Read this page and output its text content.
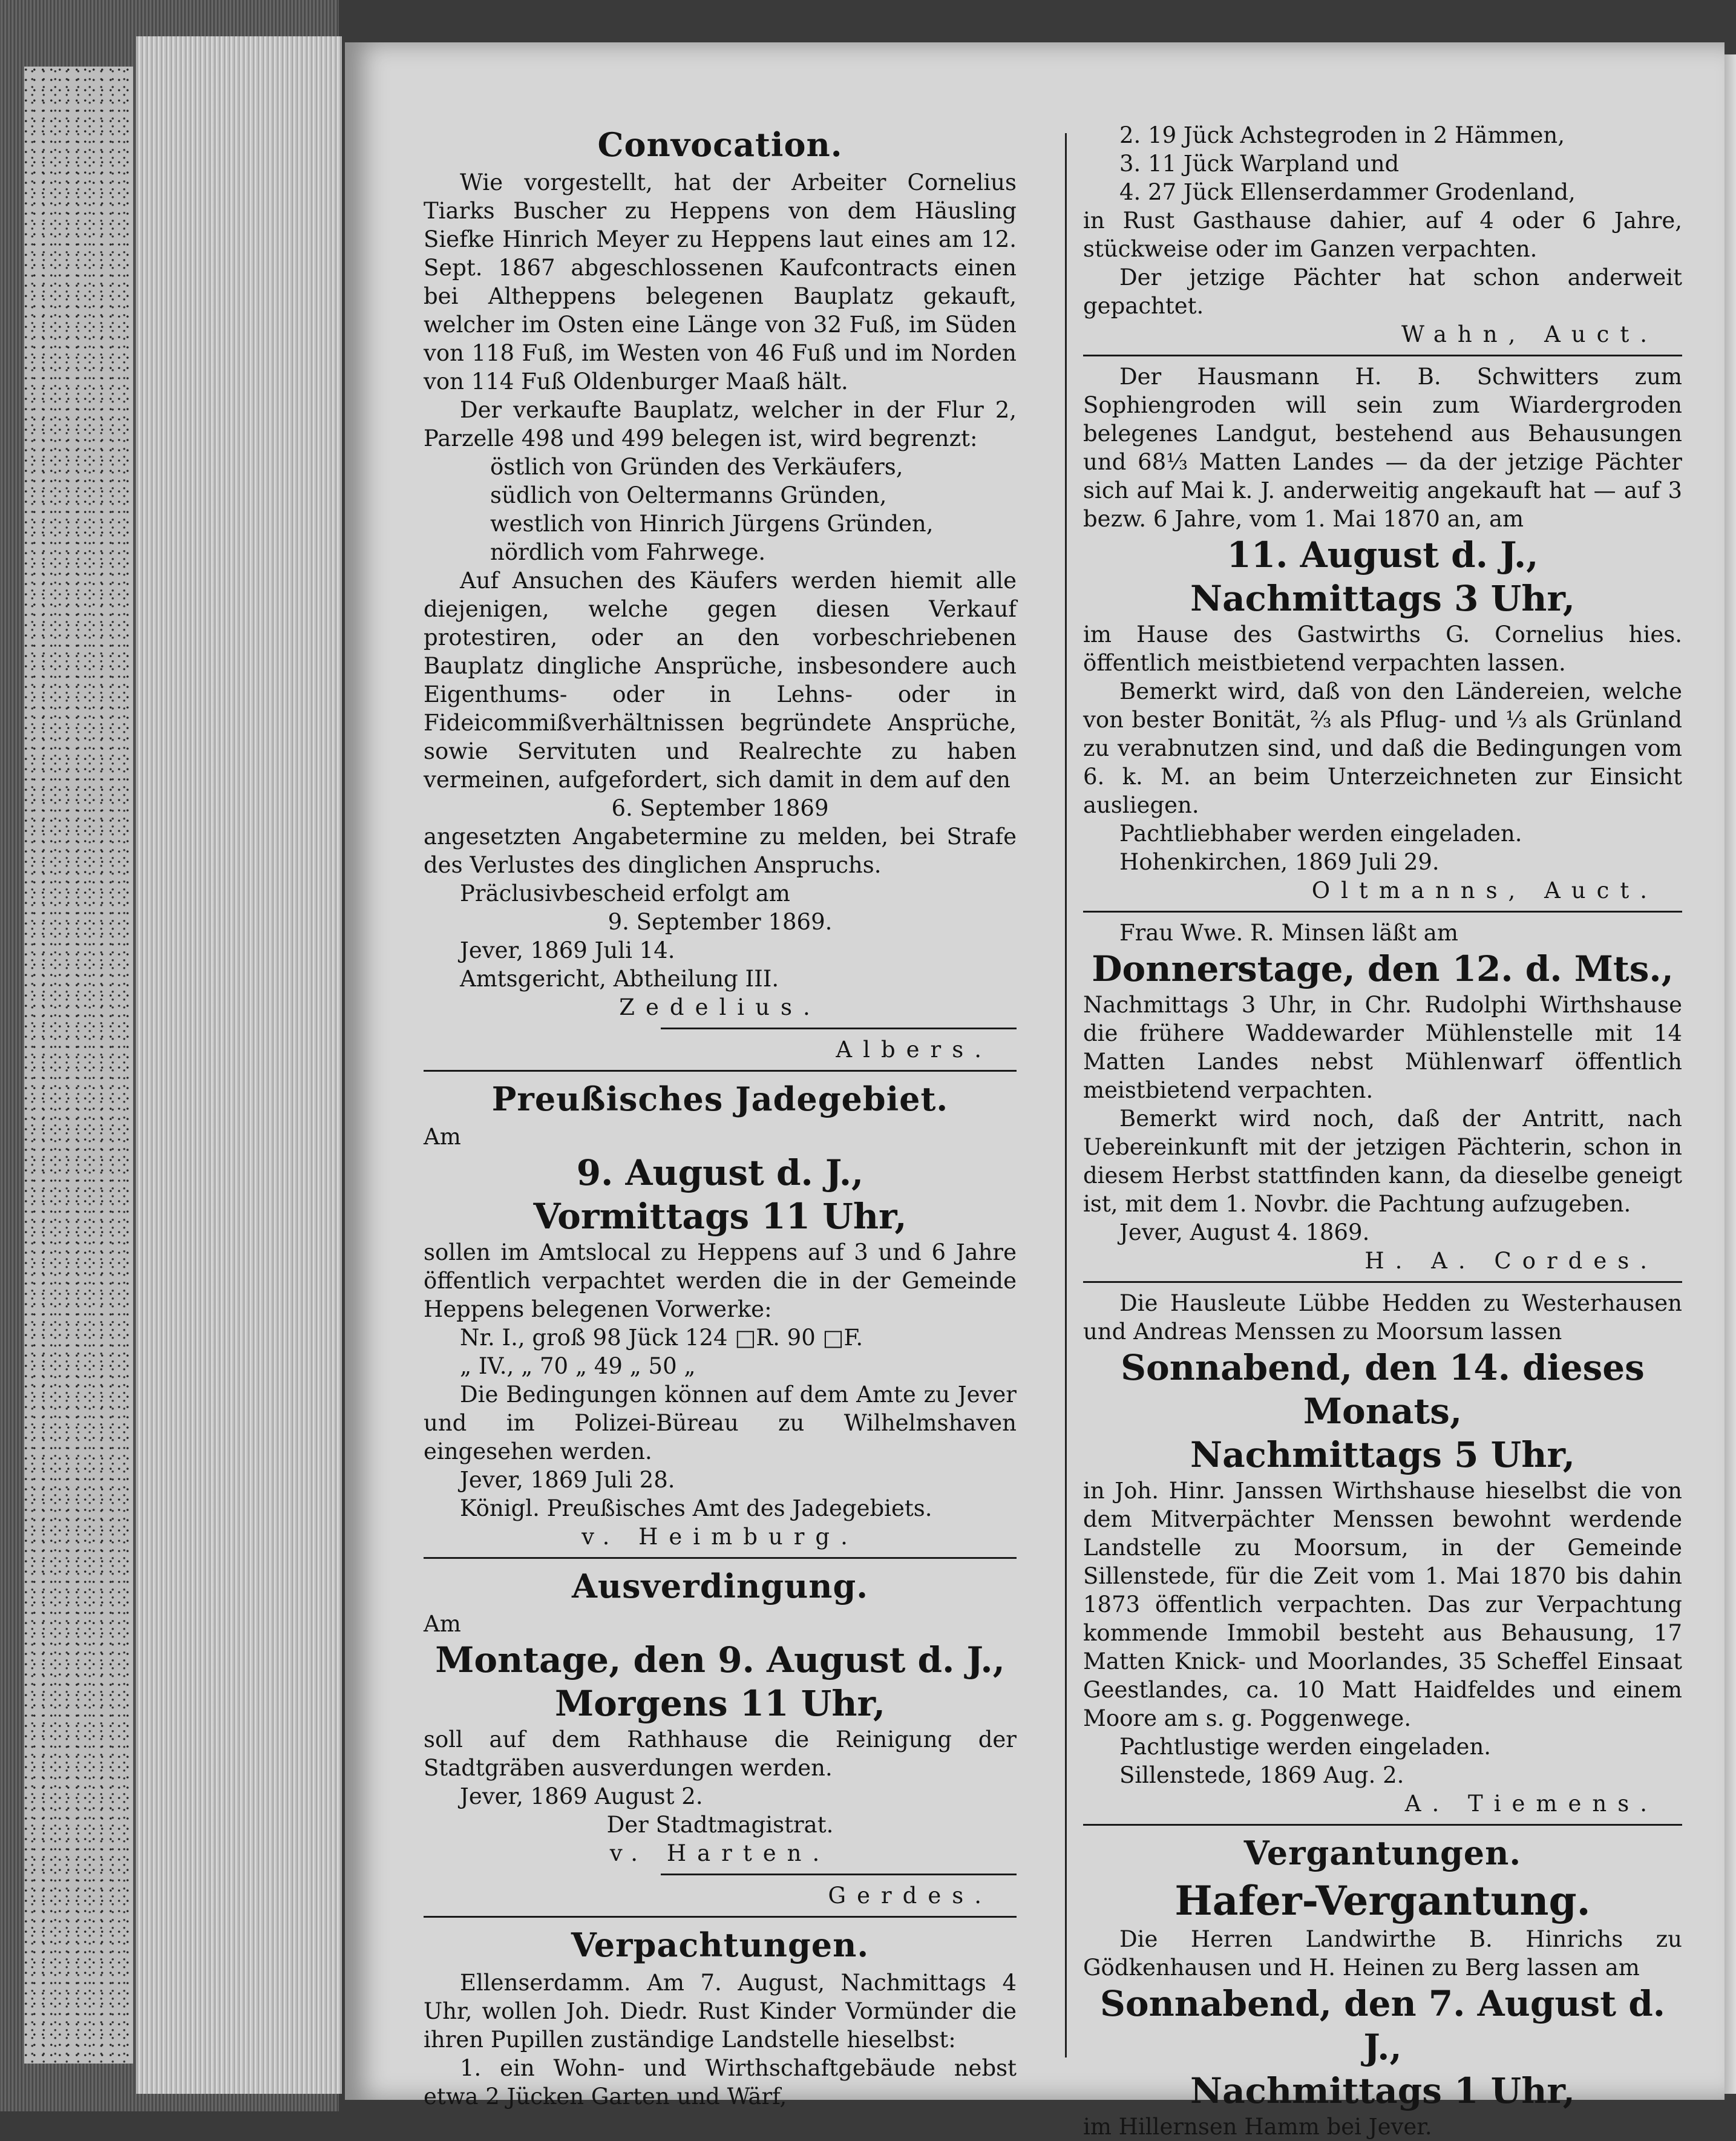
Convocation.

Wie vorgestellt, hat der Arbeiter Cornelius Tiarks Buscher zu Heppens von dem Häusling Siefke Hinrich Meyer zu Heppens laut eines am 12. Sept. 1867 abgeschlossenen Kaufcontracts einen bei Altheppens belegenen Bauplatz gekauft, welcher im Osten eine Länge von 32 Fuß, im Süden von 118 Fuß, im Westen von 46 Fuß und im Norden von 114 Fuß Oldenburger Maaß hält.

Der verkaufte Bauplatz, welcher in der Flur 2, Parzelle 498 und 499 belegen ist, wird begrenzt:

östlich von Gründen des Verkäufers,

südlich von Oeltermanns Gründen,

westlich von Hinrich Jürgens Gründen,

nördlich vom Fahrwege.

Auf Ansuchen des Käufers werden hiemit alle diejenigen, welche gegen diesen Verkauf protestiren, oder an den vorbeschriebenen Bauplatz dingliche Ansprüche, insbesondere auch Eigenthums- oder in Lehns- oder in Fideicommißverhältnissen begründete Ansprüche, sowie Servituten und Realrechte zu haben vermeinen, aufgefordert, sich damit in dem auf den

6. September 1869

angesetzten Angabetermine zu melden, bei Strafe des Verlustes des dinglichen Anspruchs.

Präclusivbescheid erfolgt am

9. September 1869.

Jever, 1869 Juli 14.

Amtsgericht, Abtheilung III.

Zedelius.

Albers.

Preußisches Jadegebiet.

Am

9. August d. J.,
Vormittags 11 Uhr,

sollen im Amtslocal zu Heppens auf 3 und 6 Jahre öffentlich verpachtet werden die in der Gemeinde Heppens belegenen Vorwerke:

Nr. I., groß 98 Jück 124 □R. 90 □F.

„ IV., „ 70 „ 49 „ 50 „

Die Bedingungen können auf dem Amte zu Jever und im Polizei-Büreau zu Wilhelmshaven eingesehen werden.

Jever, 1869 Juli 28.

Königl. Preußisches Amt des Jadegebiets.

v. Heimburg.

Ausverdingung.

Am

Montage, den 9. August d. J.,
Morgens 11 Uhr,

soll auf dem Rathhause die Reinigung der Stadtgräben ausverdungen werden.

Jever, 1869 August 2.

Der Stadtmagistrat.

v. Harten.

Gerdes.

Verpachtungen.

Ellenserdamm. Am 7. August, Nachmittags 4 Uhr, wollen Joh. Diedr. Rust Kinder Vormünder die ihren Pupillen zuständige Landstelle hieselbst:

1. ein Wohn- und Wirthschaftgebäude nebst etwa 2 Jücken Garten und Wärf,

2. 19 Jück Achstegroden in 2 Hämmen,

3. 11 Jück Warpland und

4. 27 Jück Ellenserdammer Grodenland,

in Rust Gasthause dahier, auf 4 oder 6 Jahre, stückweise oder im Ganzen verpachten.

Der jetzige Pächter hat schon anderweit gepachtet.

Wahn, Auct.

Der Hausmann H. B. Schwitters zum Sophiengroden will sein zum Wiardergroden belegenes Landgut, bestehend aus Behausungen und 68⅓ Matten Landes — da der jetzige Pächter sich auf Mai k. J. anderweitig angekauft hat — auf 3 bezw. 6 Jahre, vom 1. Mai 1870 an, am

11. August d. J.,
Nachmittags 3 Uhr,

im Hause des Gastwirths G. Cornelius hies. öffentlich meistbietend verpachten lassen.

Bemerkt wird, daß von den Ländereien, welche von bester Bonität, ⅔ als Pflug- und ⅓ als Grünland zu verabnutzen sind, und daß die Bedingungen vom 6. k. M. an beim Unterzeichneten zur Einsicht ausliegen.

Pachtliebhaber werden eingeladen.

Hohenkirchen, 1869 Juli 29.

Oltmanns, Auct.

Frau Wwe. R. Minsen läßt am

Donnerstage, den 12. d. Mts.,

Nachmittags 3 Uhr, in Chr. Rudolphi Wirthshause die frühere Waddewarder Mühlenstelle mit 14 Matten Landes nebst Mühlenwarf öffentlich meistbietend verpachten.

Bemerkt wird noch, daß der Antritt, nach Uebereinkunft mit der jetzigen Pächterin, schon in diesem Herbst stattfinden kann, da dieselbe geneigt ist, mit dem 1. Novbr. die Pachtung aufzugeben.

Jever, August 4. 1869.

H. A. Cordes.

Die Hausleute Lübbe Hedden zu Westerhausen und Andreas Menssen zu Moorsum lassen

Sonnabend, den 14. dieses Monats,
Nachmittags 5 Uhr,

in Joh. Hinr. Janssen Wirthshause hieselbst die von dem Mitverpächter Menssen bewohnt werdende Landstelle zu Moorsum, in der Gemeinde Sillenstede, für die Zeit vom 1. Mai 1870 bis dahin 1873 öffentlich verpachten. Das zur Verpachtung kommende Immobil besteht aus Behausung, 17 Matten Knick- und Moorlandes, 35 Scheffel Einsaat Geestlandes, ca. 10 Matt Haidfeldes und einem Moore am s. g. Poggenwege.

Pachtlustige werden eingeladen.

Sillenstede, 1869 Aug. 2.

A. Tiemens.

Vergantungen.
Hafer-Vergantung.

Die Herren Landwirthe B. Hinrichs zu Gödkenhausen und H. Heinen zu Berg lassen am

Sonnabend, den 7. August d. J.,
Nachmittags 1 Uhr,

im Hillernsen Hamm bei Jever.
